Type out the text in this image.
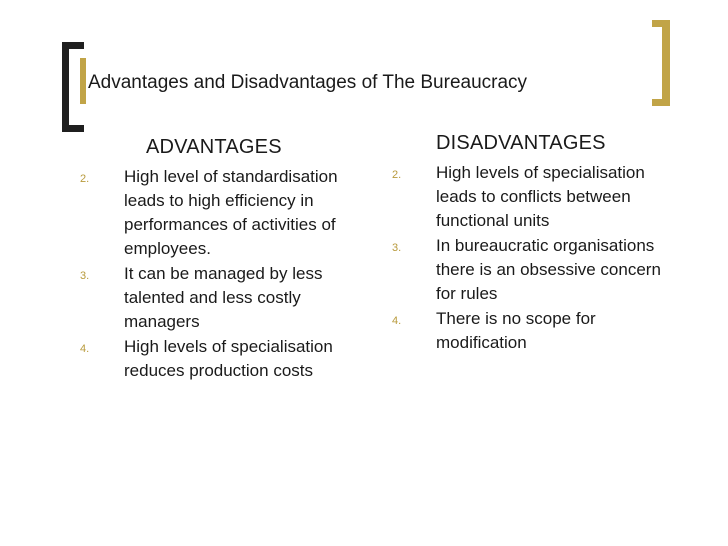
Advantages and Disadvantages of The Bureaucracy
ADVANTAGES
2. High level of standardisation leads to high efficiency in performances of activities of employees.
3. It can be managed by less talented and less costly managers
4. High levels of specialisation reduces production costs
DISADVANTAGES
2. High levels of specialisation leads to conflicts between functional units
3. In bureaucratic organisations there is an obsessive concern for rules
4. There is no scope for modification
